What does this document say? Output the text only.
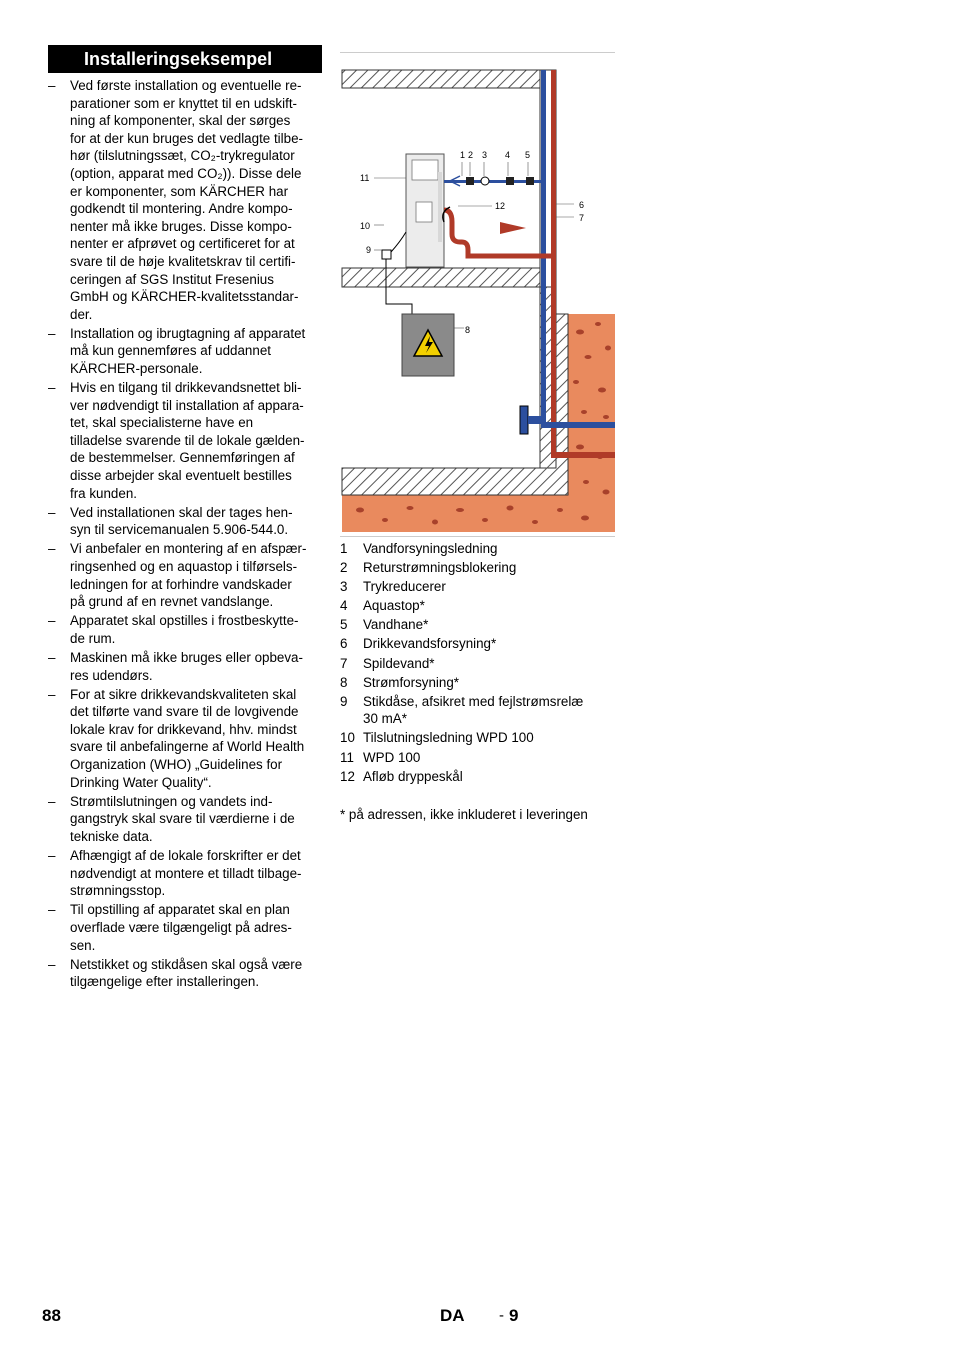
Installeringseksempel
– Ved første installation og eventuelle re-
parationer som er knyttet til en udskift-
ning af komponenter, skal der sørges
for at der kun bruges det vedlagte tilbe-
hør (tilslutningssæt, CO₂-trykregulator
(option, apparat med CO₂)). Disse dele
er komponenter, som KÄRCHER har
godkendt til montering. Andre kompo-
nenter må ikke bruges. Disse kompo-
nenter er afprøvet og certificeret for at
svare til de høje kvalitetskrav til certifi-
ceringen af SGS Institut Fresenius
GmbH og KÄRCHER-kvalitetsstandar-
der.
– Installation og ibrugtagning af apparatet
må kun gennemføres af uddannet
KÄRCHER-personale.
– Hvis en tilgang til drikkevandsnettet bli-
ver nødvendigt til installation af appara-
tet, skal specialisterne have en
tilladelse svarende til de lokale gælden-
de bestemmelser. Gennemføringen af
disse arbejder skal eventuelt bestilles
fra kunden.
– Ved installationen skal der tages hen-
syn til servicemanualen 5.906-544.0.
– Vi anbefaler en montering af en afspær-
ringsenhed og en aquastop i tilførsels-
ledningen for at forhindre vandskader
på grund af en revnet vandslange.
– Apparatet skal opstilles i frostbeskytte-
de rum.
– Maskinen må ikke bruges eller opbeva-
res udendørs.
– For at sikre drikkevandskvaliteten skal
det tilførte vand svare til de lovgivende
lokale krav for drikkevand, hhv. mindst
svare til anbefalingerne af World Health
Organization (WHO) „Guidelines for
Drinking Water Quality“.
– Strømtilslutningen og vandets ind-
gangstryk skal svare til værdierne i de
tekniske data.
– Afhængigt af de lokale forskrifter er det
nødvendigt at montere et tilladt tilbage-
strømningsstop.
– Til opstilling af apparatet skal en plan
overflade være tilgængeligt på adres-
sen.
– Netstikket og stikdåsen skal også være
tilgængelige efter installeringen.
1 2 3 4 5
6
7
8
9
10
11
12
1 Vandforsyningsledning
2 Returstrømningsblokering
3 Trykreducerer
4 Aquastop*
5 Vandhane*
6 Drikkevandsforsyning*
7 Spildevand*
8 Strømforsyning*
9 Stikdåse, afsikret med fejlstrømsrelæ
30 mA*
10 Tilslutningsledning WPD 100
11 WPD 100
12 Afløb dryppeskål
* på adressen, ikke inkluderet i leveringen
88	DA - 9
